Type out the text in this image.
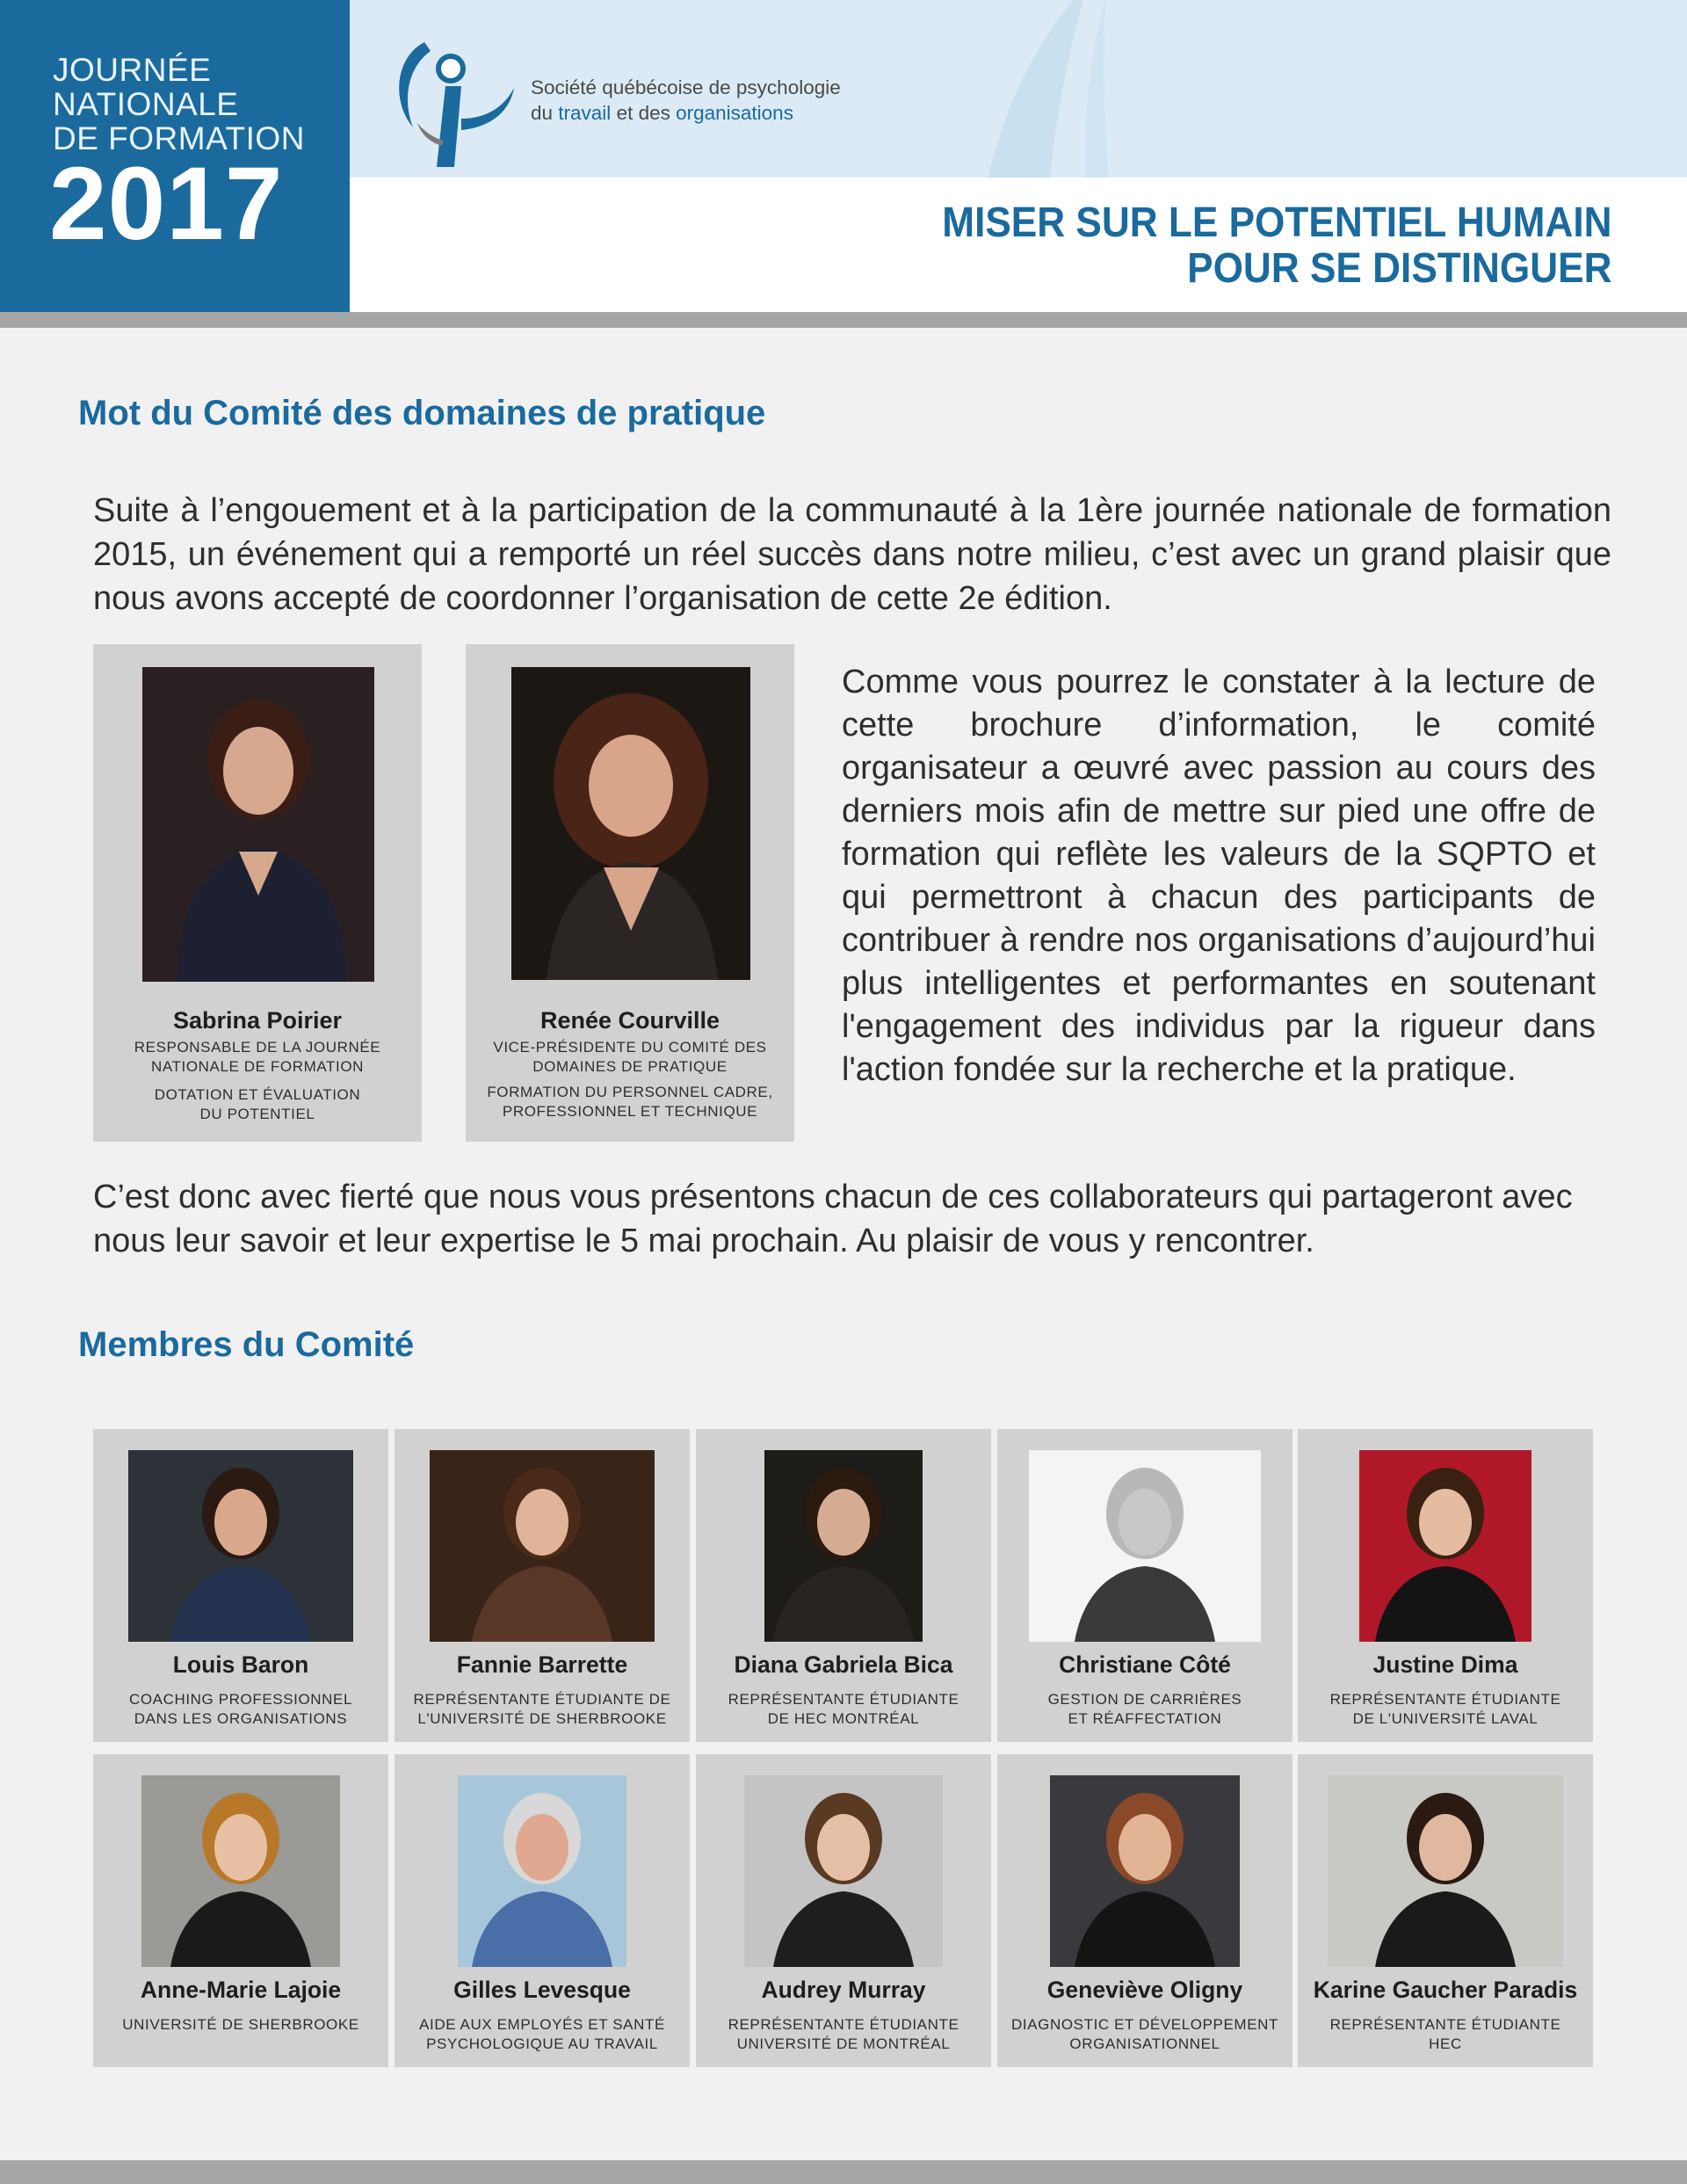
JOURNÉE
NATIONALE
DE FORMATION
2017
Société québécoise de psychologie
du travail et des organisations
MISER SUR LE POTENTIEL HUMAIN
POUR SE DISTINGUER
Mot du Comité des domaines de pratique
Suite à l’engouement et à la participation de la communauté à la 1ère journée nationale de formation 2015, un événement qui a remporté un réel succès dans notre milieu, c’est avec un grand plaisir que nous avons accepté de coordonner l’organisation de cette 2e édition.
Sabrina Poirier
RESPONSABLE DE LA JOURNÉE
NATIONALE DE FORMATION
DOTATION ET ÉVALUATION
DU POTENTIEL
Renée Courville
VICE-PRÉSIDENTE DU COMITÉ DES
DOMAINES DE PRATIQUE
FORMATION DU PERSONNEL CADRE,
PROFESSIONNEL ET TECHNIQUE
Comme vous pourrez le constater à la lecture de cette brochure d’information, le comité organisateur a œuvré avec passion au cours des derniers mois afin de mettre sur pied une offre de formation qui reflète les valeurs de la SQPTO et qui permettront à chacun des participants de contribuer à rendre nos organisations d’aujourd’hui plus intelligentes et performantes en soutenant l'engagement des individus par la rigueur dans l'action fondée sur la recherche et la pratique.
C’est donc avec fierté que nous vous présentons chacun de ces collaborateurs qui partageront avec nous leur savoir et leur expertise le 5 mai prochain. Au plaisir de vous y rencontrer.
Membres du Comité
Louis Baron
COACHING PROFESSIONNEL
DANS LES ORGANISATIONS
Fannie Barrette
REPRÉSENTANTE ÉTUDIANTE DE
L'UNIVERSITÉ DE SHERBROOKE
Diana Gabriela Bica
REPRÉSENTANTE ÉTUDIANTE
DE HEC MONTRÉAL
Christiane Côté
GESTION DE CARRIÈRES
ET RÉAFFECTATION
Justine Dima
REPRÉSENTANTE ÉTUDIANTE
DE L'UNIVERSITÉ LAVAL
Anne-Marie Lajoie
UNIVERSITÉ DE SHERBROOKE
Gilles Levesque
AIDE AUX EMPLOYÉS ET SANTÉ
PSYCHOLOGIQUE AU TRAVAIL
Audrey Murray
REPRÉSENTANTE ÉTUDIANTE
UNIVERSITÉ DE MONTRÉAL
Geneviève Oligny
DIAGNOSTIC ET DÉVELOPPEMENT
ORGANISATIONNEL
Karine Gaucher Paradis
REPRÉSENTANTE ÉTUDIANTE
HEC
